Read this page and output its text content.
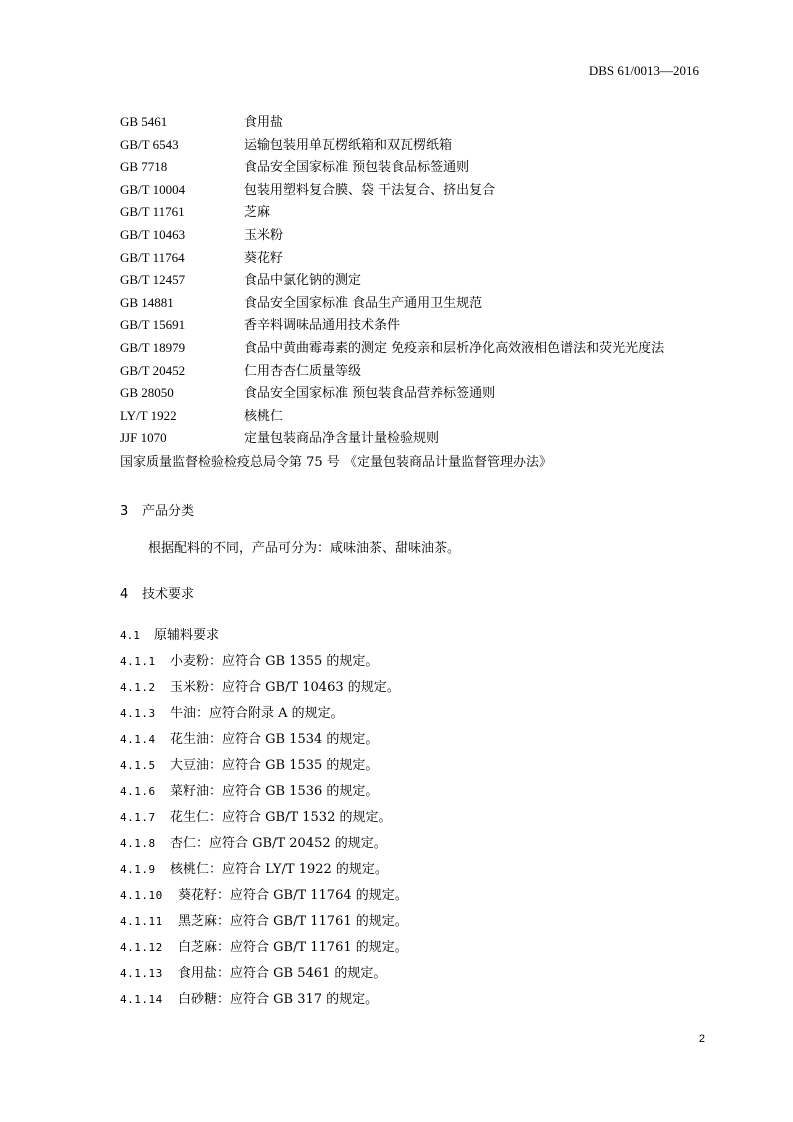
DBS 61/0013—2016
GB 5461	食用盐
GB/T 6543	运输包装用单瓦楞纸箱和双瓦楞纸箱
GB 7718	食品安全国家标准 预包装食品标签通则
GB/T 10004	包装用塑料复合膜、袋 干法复合、挤出复合
GB/T 11761	芝麻
GB/T 10463	玉米粉
GB/T 11764	葵花籽
GB/T 12457	食品中氯化钠的测定
GB 14881	食品安全国家标准 食品生产通用卫生规范
GB/T 15691	香辛料调味品通用技术条件
GB/T 18979	食品中黄曲霉毒素的测定 免疫亲和层析净化高效液相色谱法和荧光光度法
GB/T 20452	仁用杏杏仁质量等级
GB 28050	食品安全国家标准 预包装食品营养标签通则
LY/T 1922	核桃仁
JJF 1070	定量包装商品净含量计量检验规则
国家质量监督检验检疫总局令第 75 号 《定量包装商品计量监督管理办法》
3 产品分类
根据配料的不同，产品可分为：咸味油茶、甜味油茶。
4 技术要求
4.1 原辅料要求
4.1.1 小麦粉：应符合 GB 1355 的规定。
4.1.2 玉米粉：应符合 GB/T 10463 的规定。
4.1.3 牛油：应符合附录 A 的规定。
4.1.4 花生油：应符合 GB 1534 的规定。
4.1.5 大豆油：应符合 GB 1535 的规定。
4.1.6 菜籽油：应符合 GB 1536 的规定。
4.1.7 花生仁：应符合 GB/T 1532 的规定。
4.1.8 杏仁：应符合 GB/T 20452 的规定。
4.1.9 核桃仁：应符合 LY/T 1922 的规定。
4.1.10 葵花籽：应符合 GB/T 11764 的规定。
4.1.11 黑芝麻：应符合 GB/T 11761 的规定。
4.1.12 白芝麻：应符合 GB/T 11761 的规定。
4.1.13 食用盐：应符合 GB 5461 的规定。
4.1.14 白砂糖：应符合 GB 317 的规定。
2
